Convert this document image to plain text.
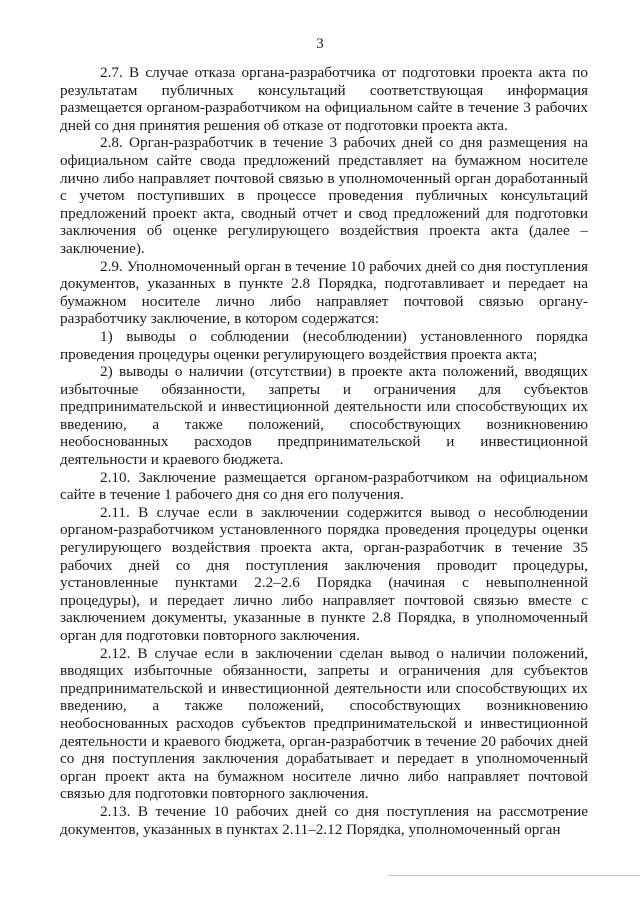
3

2.7. В случае отказа органа-разработчика от подготовки проекта акта по результатам публичных консультаций соответствующая информация размещается органом-разработчиком на официальном сайте в течение 3 рабочих дней со дня принятия решения об отказе от подготовки проекта акта.

2.8. Орган-разработчик в течение 3 рабочих дней со дня размещения на официальном сайте свода предложений представляет на бумажном носителе лично либо направляет почтовой связью в уполномоченный орган доработанный с учетом поступивших в процессе проведения публичных консультаций предложений проект акта, сводный отчет и свод предложений для подготовки заключения об оценке регулирующего воздействия проекта акта (далее – заключение).

2.9. Уполномоченный орган в течение 10 рабочих дней со дня поступления документов, указанных в пункте 2.8 Порядка, подготавливает и передает на бумажном носителе лично либо направляет почтовой связью органу-разработчику заключение, в котором содержатся:

1) выводы о соблюдении (несоблюдении) установленного порядка проведения процедуры оценки регулирующего воздействия проекта акта;

2) выводы о наличии (отсутствии) в проекте акта положений, вводящих избыточные обязанности, запреты и ограничения для субъектов предпринимательской и инвестиционной деятельности или способствующих их введению, а также положений, способствующих возникновению необоснованных расходов предпринимательской и инвестиционной деятельности и краевого бюджета.

2.10. Заключение размещается органом-разработчиком на официальном сайте в течение 1 рабочего дня со дня его получения.

2.11. В случае если в заключении содержится вывод о несоблюдении органом-разработчиком установленного порядка проведения процедуры оценки регулирующего воздействия проекта акта, орган-разработчик в течение 35 рабочих дней со дня поступления заключения проводит процедуры, установленные пунктами 2.2–2.6 Порядка (начиная с невыполненной процедуры), и передает лично либо направляет почтовой связью вместе с заключением документы, указанные в пункте 2.8 Порядка, в уполномоченный орган для подготовки повторного заключения.

2.12. В случае если в заключении сделан вывод о наличии положений, вводящих избыточные обязанности, запреты и ограничения для субъектов предпринимательской и инвестиционной деятельности или способствующих их введению, а также положений, способствующих возникновению необоснованных расходов субъектов предпринимательской и инвестиционной деятельности и краевого бюджета, орган-разработчик в течение 20 рабочих дней со дня поступления заключения дорабатывает и передает в уполномоченный орган проект акта на бумажном носителе лично либо направляет почтовой связью для подготовки повторного заключения.

2.13. В течение 10 рабочих дней со дня поступления на рассмотрение документов, указанных в пунктах 2.11–2.12 Порядка, уполномоченный орган
